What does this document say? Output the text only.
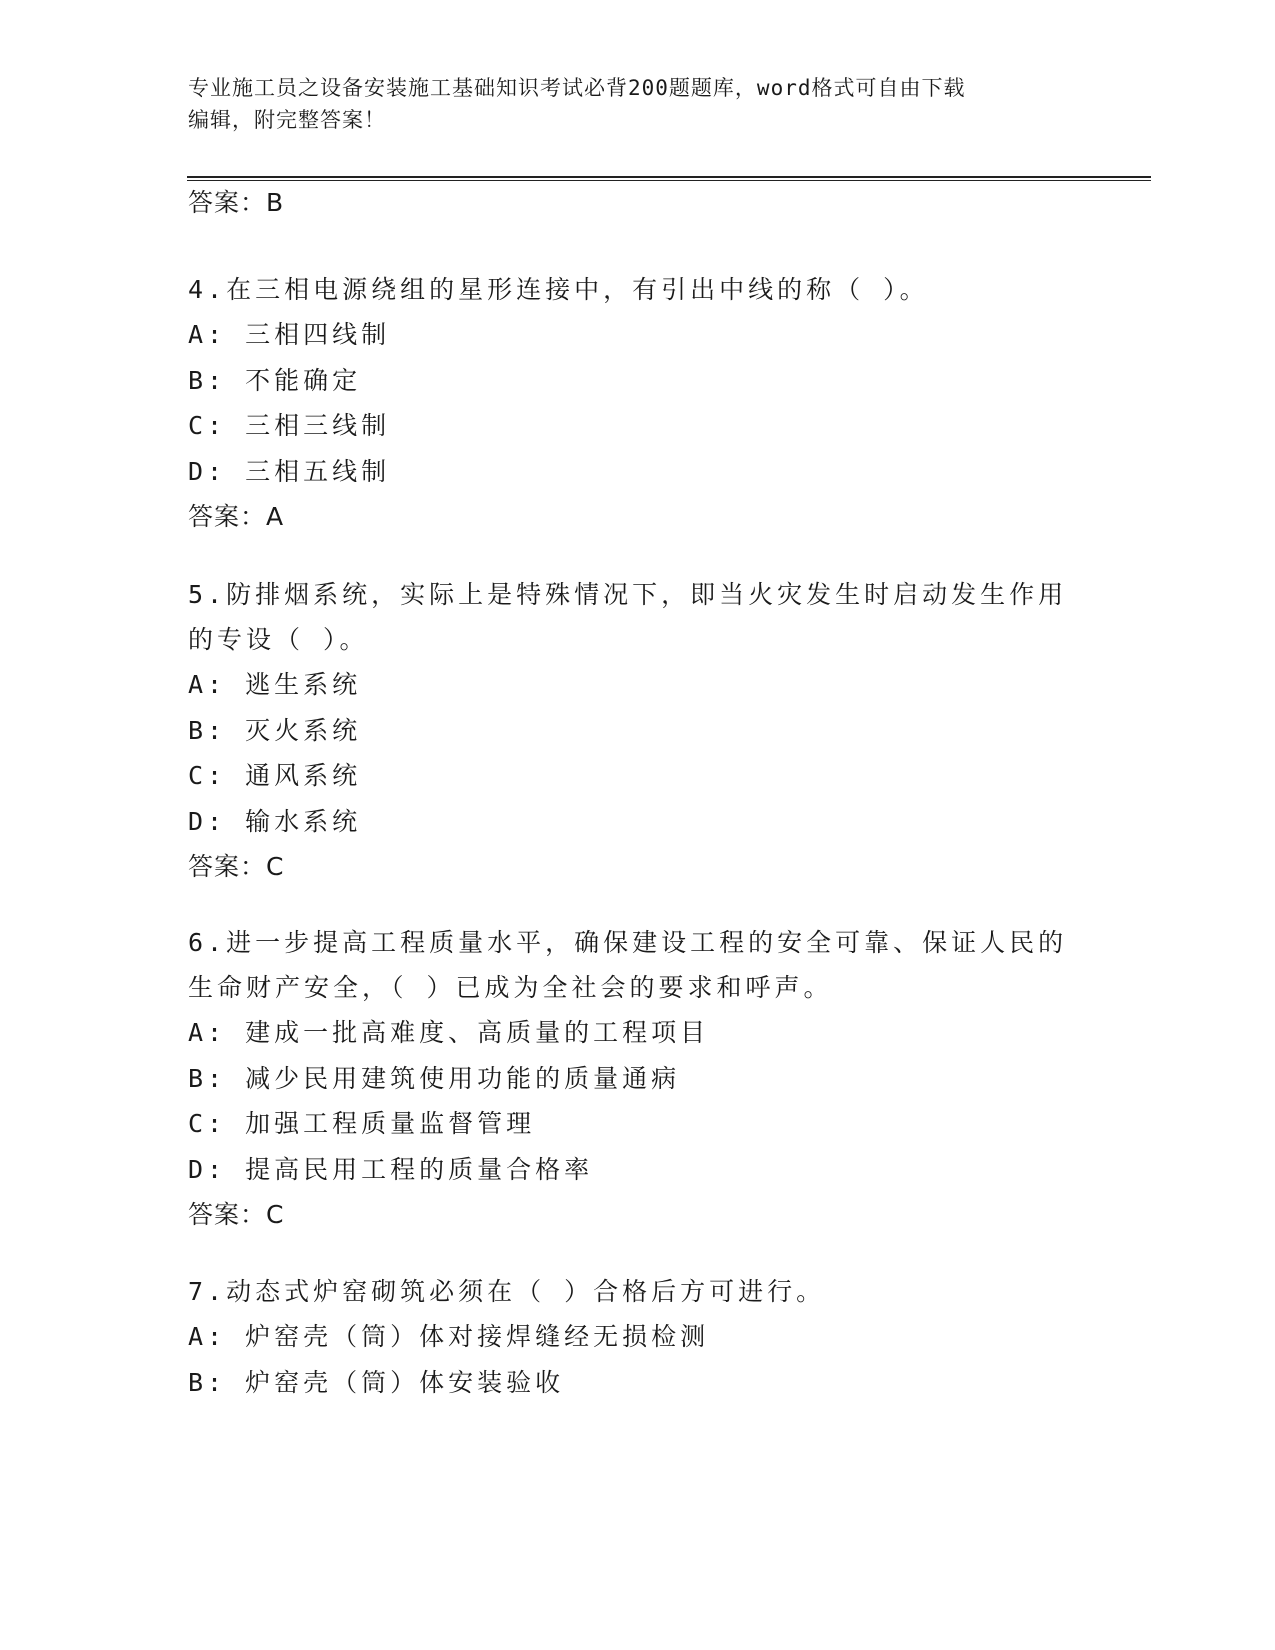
专业施工员之设备安装施工基础知识考试必背200题题库，word格式可自由下载
编辑，附完整答案！
答案：B
4.在三相电源绕组的星形连接中，有引出中线的称（ ）。
A: 三相四线制
B: 不能确定
C: 三相三线制
D: 三相五线制
答案：A
5.防排烟系统，实际上是特殊情况下，即当火灾发生时启动发生作用
的专设（ ）。
A: 逃生系统
B: 灭火系统
C: 通风系统
D: 输水系统
答案：C
6.进一步提高工程质量水平，确保建设工程的安全可靠、保证人民的
生命财产安全，（ ）已成为全社会的要求和呼声。
A: 建成一批高难度、高质量的工程项目
B: 减少民用建筑使用功能的质量通病
C: 加强工程质量监督管理
D: 提高民用工程的质量合格率
答案：C
7.动态式炉窑砌筑必须在（ ）合格后方可进行。
A: 炉窑壳（筒）体对接焊缝经无损检测
B: 炉窑壳（筒）体安装验收
